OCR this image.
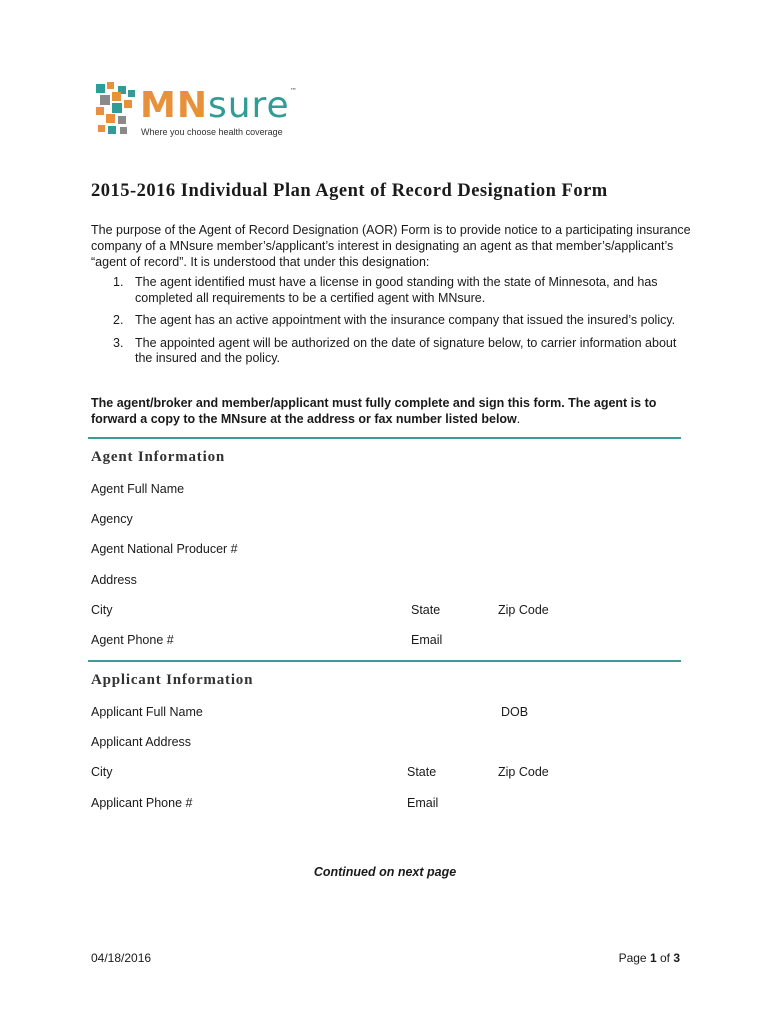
MNsure™
Where you choose health coverage
2015-2016 Individual Plan Agent of Record Designation Form

The purpose of the Agent of Record Designation (AOR) Form is to provide notice to a participating insurance company of a MNsure member’s/applicant’s interest in designating an agent as that member’s/applicant’s “agent of record”. It is understood that under this designation:

1. The agent identified must have a license in good standing with the state of Minnesota, and has completed all requirements to be a certified agent with MNsure.
2. The agent has an active appointment with the insurance company that issued the insured’s policy.
3. The appointed agent will be authorized on the date of signature below, to carrier information about the insured and the policy.

The agent/broker and member/applicant must fully complete and sign this form. The agent is to forward a copy to the MNsure at the address or fax number listed below.

Agent Information
Agent Full Name
Agency
Agent National Producer #
Address
City	State	Zip Code
Agent Phone #	Email
Applicant Information
Applicant Full Name	DOB
Applicant Address
City	State	Zip Code
Applicant Phone #	Email
Continued on next page
04/18/2016	Page 1 of 3
